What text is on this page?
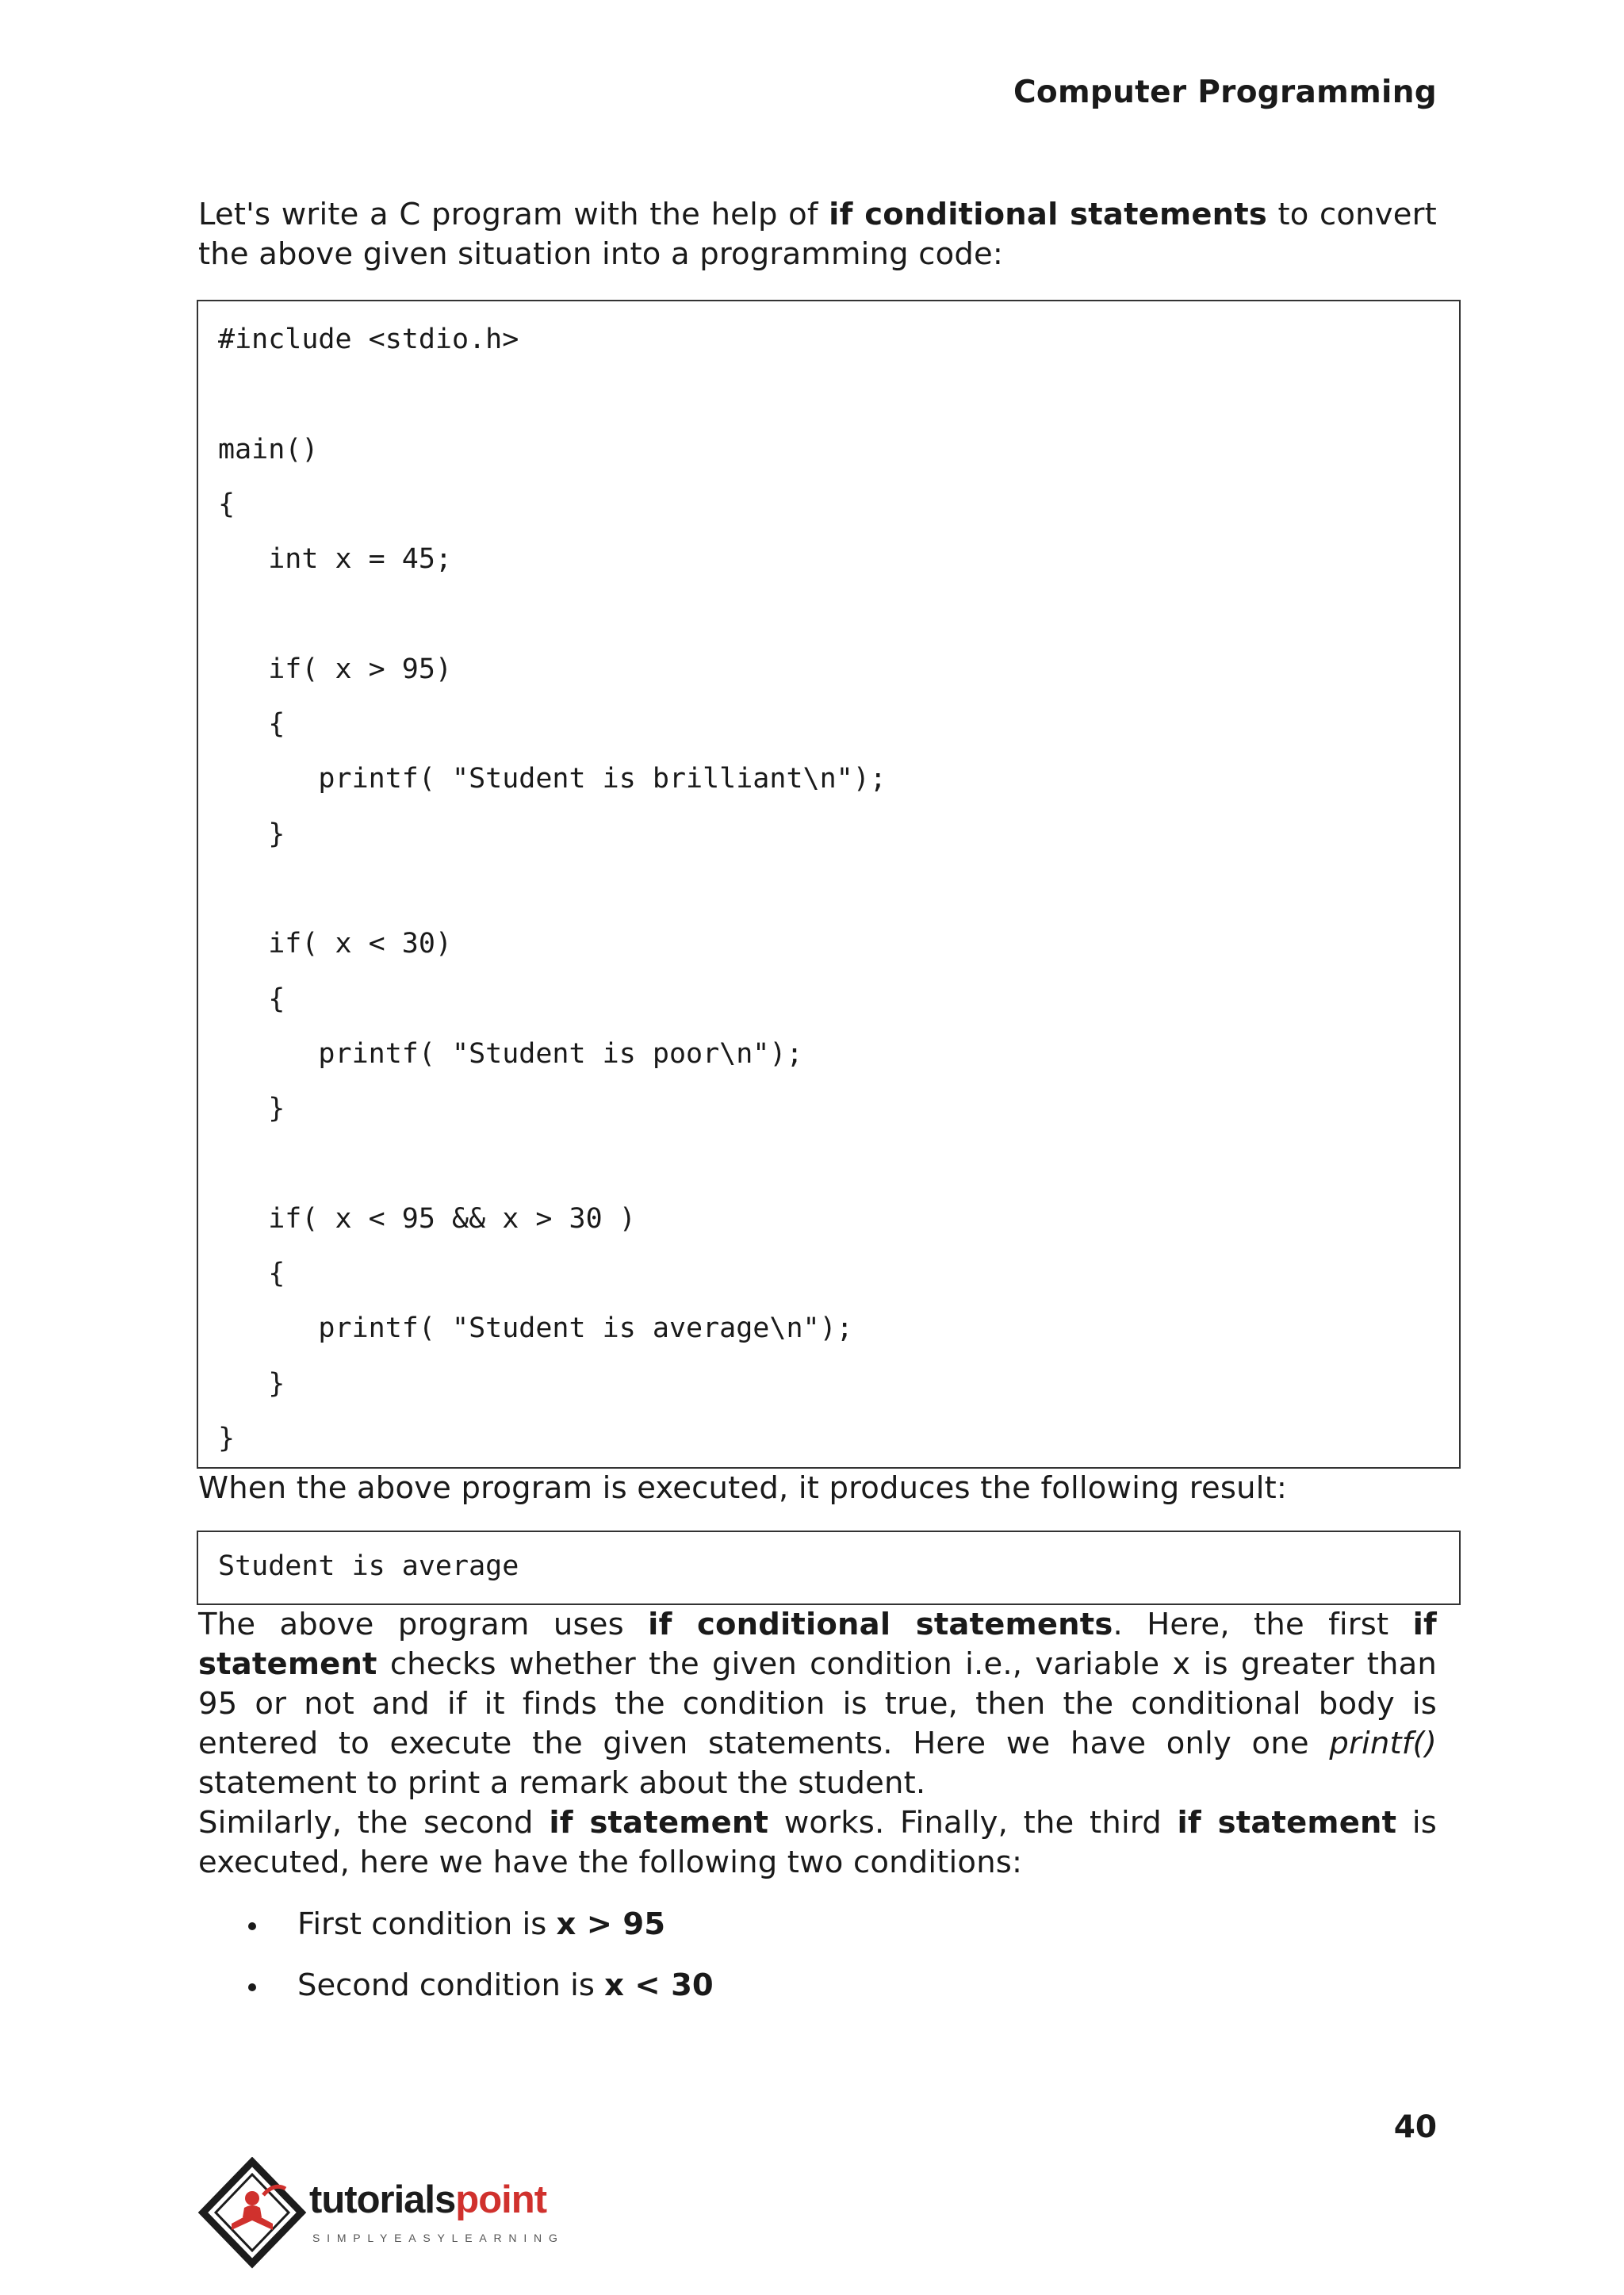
Computer Programming

Let's write a C program with the help of if conditional statements to convert the above given situation into a programming code:

#include <stdio.h>
main()
{
int x = 45;
if( x > 95)
{
printf( "Student is brilliant\n");
}
if( x < 30)
{
printf( "Student is poor\n");
}
if( x < 95 && x > 30 )
{
printf( "Student is average\n");
}
}

When the above program is executed, it produces the following result:

Student is average

The above program uses if conditional statements. Here, the first if statement checks whether the given condition i.e., variable x is greater than 95 or not and if it finds the condition is true, then the conditional body is entered to execute the given statements. Here we have only one printf() statement to print a remark about the student.

Similarly, the second if statement works. Finally, the third if statement is executed, here we have the following two conditions:

First condition is x > 95
Second condition is x < 30
40
tutorialspoint
SIMPLYEASYLEARNING
